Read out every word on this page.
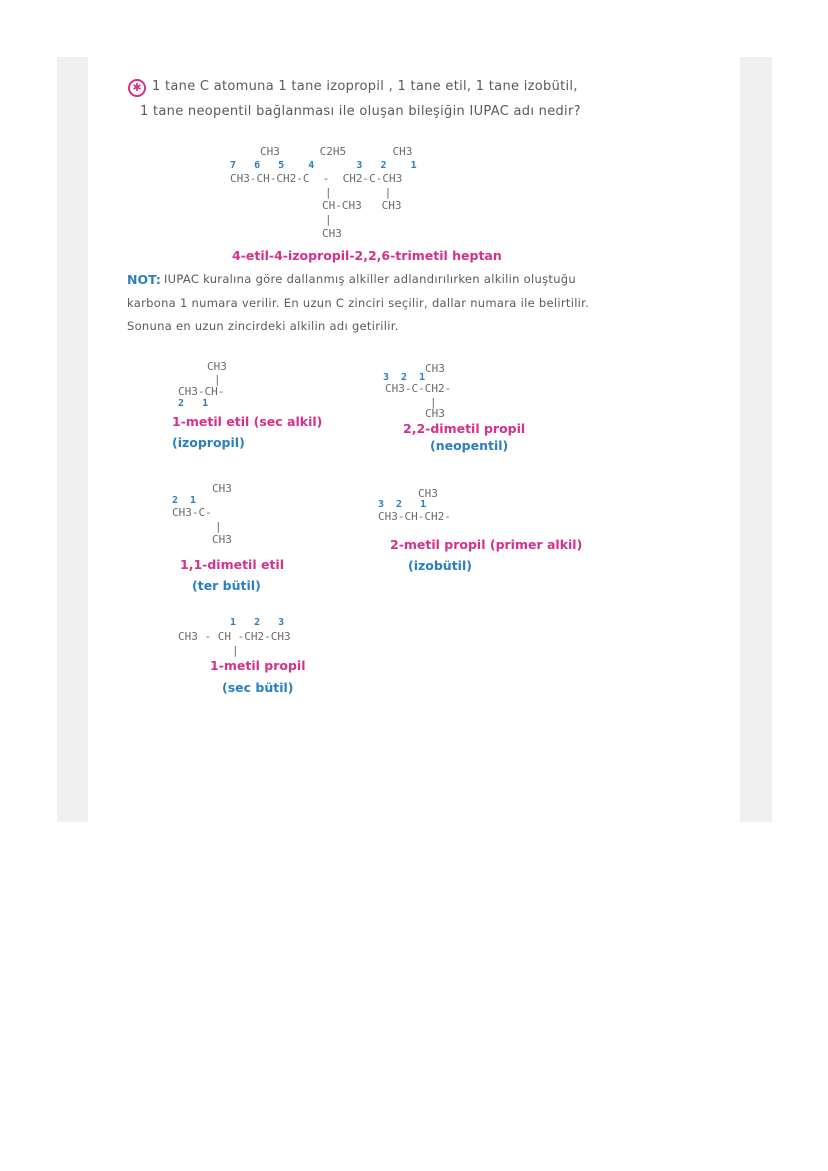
✱ 1 tane C atomuna 1 tane izopropil , 1 tane etil, 1 tane izobütil,
1 tane neopentil bağlanması ile oluşan bileşiğin IUPAC adı nedir?
CH3      C2H5       CH3
7   6   5    4       3   2    1
CH3-CH-CH2-C  -  CH2-C-CH3
|        |
CH-CH3   CH3
|
CH3
4-etil-4-izopropil-2,2,6-trimetil heptan
NOT: IUPAC kuralına göre dallanmış alkiller adlandırılırken alkilin oluştuğu
karbona 1 numara verilir. En uzun C zinciri seçilir, dallar numara ile belirtilir.
Sonuna en uzun zincirdeki alkilin adı getirilir.
CH3
|
CH3-CH-
2   1
1-metil etil (sec alkil)
(izopropil)
CH3
3  2  1
CH3-C-CH2-
|
CH3
2,2-dimetil propil
(neopentil)
CH3
2  1
CH3-C-
|
CH3
1,1-dimetil etil
(ter bütil)
CH3
3  2   1
CH3-CH-CH2-
2-metil propil (primer alkil)
(izobütil)
1   2   3
CH3 - CH -CH2-CH3
|
1-metil propil
(sec bütil)
